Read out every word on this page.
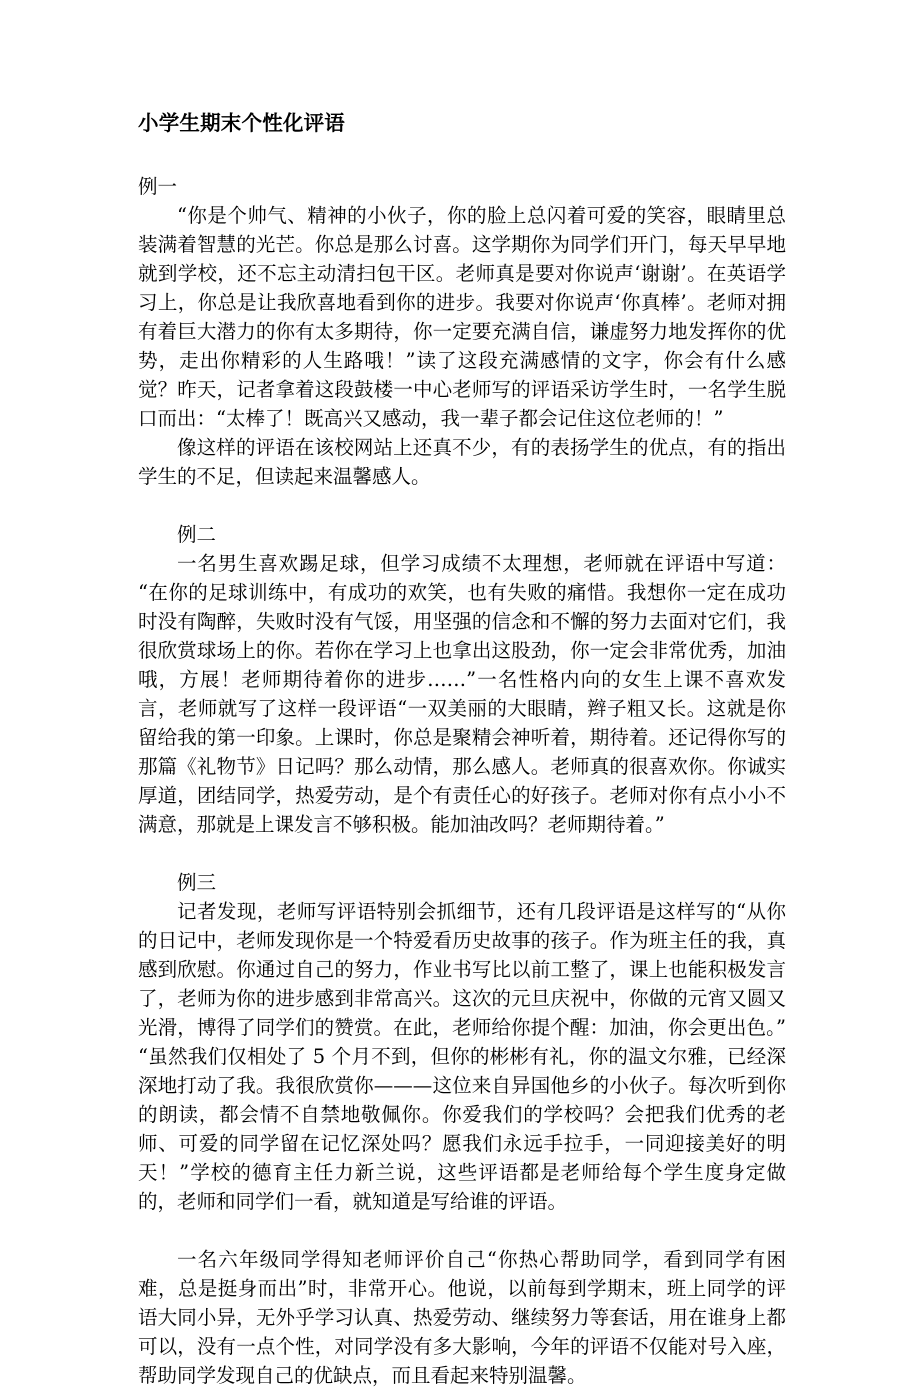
小学生期末个性化评语
例一

“你是个帅气、精神的小伙子，你的脸上总闪着可爱的笑容，眼睛里总装满着智慧的光芒。你总是那么讨喜。这学期你为同学们开门，每天早早地就到学校，还不忘主动清扫包干区。老师真是要对你说声‘谢谢’。在英语学习上，你总是让我欣喜地看到你的进步。我要对你说声‘你真棒’。老师对拥有着巨大潜力的你有太多期待，你一定要充满自信，谦虚努力地发挥你的优势，走出你精彩的人生路哦！”读了这段充满感情的文字，你会有什么感觉？昨天，记者拿着这段鼓楼一中心老师写的评语采访学生时，一名学生脱口而出：“太棒了！既高兴又感动，我一辈子都会记住这位老师的！”

像这样的评语在该校网站上还真不少，有的表扬学生的优点，有的指出学生的不足，但读起来温馨感人。

例二

一名男生喜欢踢足球，但学习成绩不太理想，老师就在评语中写道：“在你的足球训练中，有成功的欢笑，也有失败的痛惜。我想你一定在成功时没有陶醉，失败时没有气馁，用坚强的信念和不懈的努力去面对它们，我很欣赏球场上的你。若你在学习上也拿出这股劲，你一定会非常优秀，加油哦，方展！老师期待着你的进步……”一名性格内向的女生上课不喜欢发言，老师就写了这样一段评语“一双美丽的大眼睛，辫子粗又长。这就是你留给我的第一印象。上课时，你总是聚精会神听着，期待着。还记得你写的那篇《礼物节》日记吗？那么动情，那么感人。老师真的很喜欢你。你诚实厚道，团结同学，热爱劳动，是个有责任心的好孩子。老师对你有点小小不满意，那就是上课发言不够积极。能加油改吗？老师期待着。”

例三

记者发现，老师写评语特别会抓细节，还有几段评语是这样写的“从你的日记中，老师发现你是一个特爱看历史故事的孩子。作为班主任的我，真感到欣慰。你通过自己的努力，作业书写比以前工整了，课上也能积极发言了，老师为你的进步感到非常高兴。这次的元旦庆祝中，你做的元宵又圆又光滑，博得了同学们的赞赏。在此，老师给你提个醒：加油，你会更出色。”“虽然我们仅相处了 5 个月不到，但你的彬彬有礼，你的温文尔雅，已经深深地打动了我。我很欣赏你———这位来自异国他乡的小伙子。每次听到你的朗读，都会情不自禁地敬佩你。你爱我们的学校吗？会把我们优秀的老师、可爱的同学留在记忆深处吗？愿我们永远手拉手，一同迎接美好的明天！”学校的德育主任力新兰说，这些评语都是老师给每个学生度身定做的，老师和同学们一看，就知道是写给谁的评语。

一名六年级同学得知老师评价自己“你热心帮助同学，看到同学有困难，总是挺身而出”时，非常开心。他说，以前每到学期末，班上同学的评语大同小异，无外乎学习认真、热爱劳动、继续努力等套话，用在谁身上都可以，没有一点个性，对同学没有多大影响，今年的评语不仅能对号入座，帮助同学发现自己的优缺点，而且看起来特别温馨。
